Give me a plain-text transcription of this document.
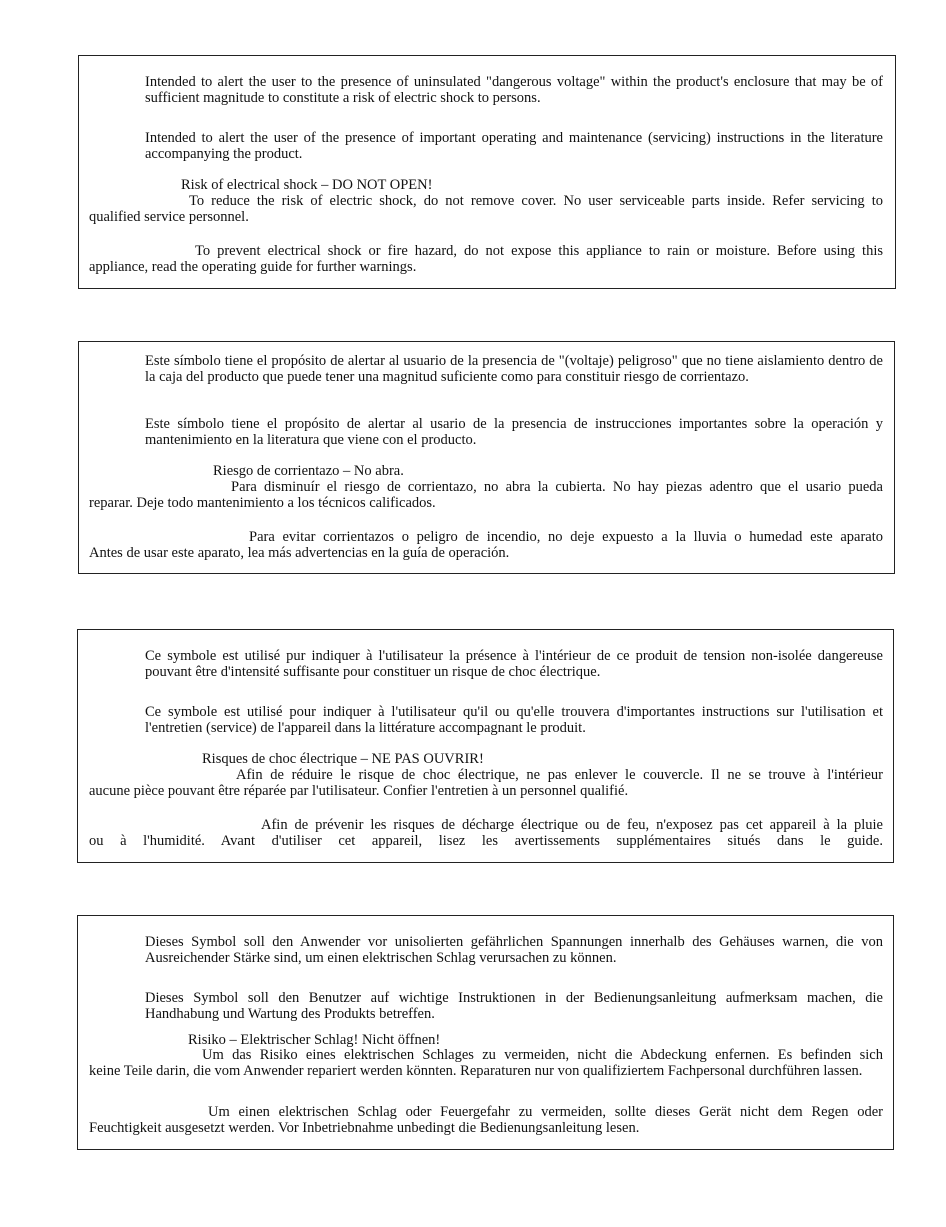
Intended to alert the user to the presence of uninsulated "dangerous voltage" within the product's enclosure that may be of sufficient magnitude to constitute a risk of electric shock to persons.

Intended to alert the user of the presence of important operating and maintenance (servicing) instructions in the literature accompanying the product.

Risk of electrical shock – DO NOT OPEN!

To reduce the risk of electric shock, do not remove cover. No user serviceable parts inside. Refer servicing to

qualified service personnel.

To prevent electrical shock or fire hazard, do not expose this appliance to rain or moisture. Before using this

appliance, read the operating guide for further warnings.

Este símbolo tiene el propósito de alertar al usuario de la presencia de "(voltaje) peligroso" que no tiene aislamiento dentro de la caja del producto que puede tener una magnitud suficiente como para constituir riesgo de corrientazo.

Este símbolo tiene el propósito de alertar al usario de la presencia de instrucciones importantes sobre la operación y mantenimiento en la literatura que viene con el producto.

Riesgo de corrientazo – No abra.

Para disminuír el riesgo de corrientazo, no abra la cubierta. No hay piezas adentro que el usario pueda

reparar. Deje todo mantenimiento a los técnicos calificados.

Para evitar corrientazos o peligro de incendio, no deje expuesto a la lluvia o humedad este aparato

Antes de usar este aparato, lea más advertencias en la guía de operación.

Ce symbole est utilisé pur indiquer à l'utilisateur la présence à l'intérieur de ce produit de tension non-isolée dangereuse pouvant être d'intensité suffisante pour constituer un risque de choc électrique.

Ce symbole est utilisé pour indiquer à l'utilisateur qu'il ou qu'elle trouvera d'importantes instructions sur l'utilisation et l'entretien (service) de l'appareil dans la littérature accompagnant le produit.

Risques de choc électrique – NE PAS OUVRIR!

Afin de réduire le risque de choc électrique, ne pas enlever le couvercle. Il ne se trouve à l'intérieur

aucune pièce pouvant être réparée par l'utilisateur. Confier l'entretien à un personnel qualifié.

Afin de prévenir les risques de décharge électrique ou de feu, n'exposez pas cet appareil à la pluie

ou à l'humidité. Avant d'utiliser cet appareil, lisez les avertissements supplémentaires situés dans le guide.

Dieses Symbol soll den Anwender vor unisolierten gefährlichen Spannungen innerhalb des Gehäuses warnen, die von Ausreichender Stärke sind, um einen elektrischen Schlag verursachen zu können.

Dieses Symbol soll den Benutzer auf wichtige Instruktionen in der Bedienungsanleitung aufmerksam machen, die Handhabung und Wartung des Produkts betreffen.

Risiko – Elektrischer Schlag! Nicht öffnen!

Um das Risiko eines elektrischen Schlages zu vermeiden, nicht die Abdeckung enfernen. Es befinden sich

keine Teile darin, die vom Anwender repariert werden könnten. Reparaturen nur von qualifiziertem Fachpersonal durchführen lassen.

Um einen elektrischen Schlag oder Feuergefahr zu vermeiden, sollte dieses Gerät nicht dem Regen oder

Feuchtigkeit ausgesetzt werden. Vor Inbetriebnahme unbedingt die Bedienungsanleitung lesen.
